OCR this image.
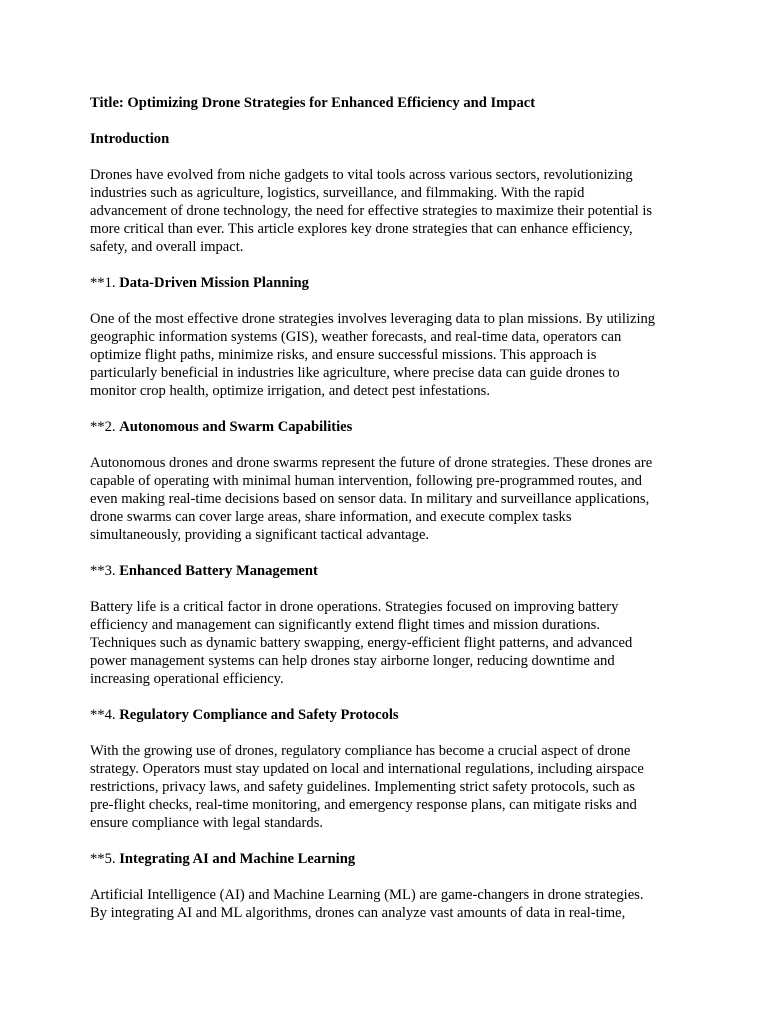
Title: Optimizing Drone Strategies for Enhanced Efficiency and Impact
Introduction

Drones have evolved from niche gadgets to vital tools across various sectors, revolutionizing
industries such as agriculture, logistics, surveillance, and filmmaking. With the rapid
advancement of drone technology, the need for effective strategies to maximize their potential is
more critical than ever. This article explores key drone strategies that can enhance efficiency,
safety, and overall impact.

**1. Data-Driven Mission Planning

One of the most effective drone strategies involves leveraging data to plan missions. By utilizing
geographic information systems (GIS), weather forecasts, and real-time data, operators can
optimize flight paths, minimize risks, and ensure successful missions. This approach is
particularly beneficial in industries like agriculture, where precise data can guide drones to
monitor crop health, optimize irrigation, and detect pest infestations.

**2. Autonomous and Swarm Capabilities

Autonomous drones and drone swarms represent the future of drone strategies. These drones are
capable of operating with minimal human intervention, following pre-programmed routes, and
even making real-time decisions based on sensor data. In military and surveillance applications,
drone swarms can cover large areas, share information, and execute complex tasks
simultaneously, providing a significant tactical advantage.

**3. Enhanced Battery Management

Battery life is a critical factor in drone operations. Strategies focused on improving battery
efficiency and management can significantly extend flight times and mission durations.
Techniques such as dynamic battery swapping, energy-efficient flight patterns, and advanced
power management systems can help drones stay airborne longer, reducing downtime and
increasing operational efficiency.

**4. Regulatory Compliance and Safety Protocols

With the growing use of drones, regulatory compliance has become a crucial aspect of drone
strategy. Operators must stay updated on local and international regulations, including airspace
restrictions, privacy laws, and safety guidelines. Implementing strict safety protocols, such as
pre-flight checks, real-time monitoring, and emergency response plans, can mitigate risks and
ensure compliance with legal standards.

**5. Integrating AI and Machine Learning

Artificial Intelligence (AI) and Machine Learning (ML) are game-changers in drone strategies.
By integrating AI and ML algorithms, drones can analyze vast amounts of data in real-time,
